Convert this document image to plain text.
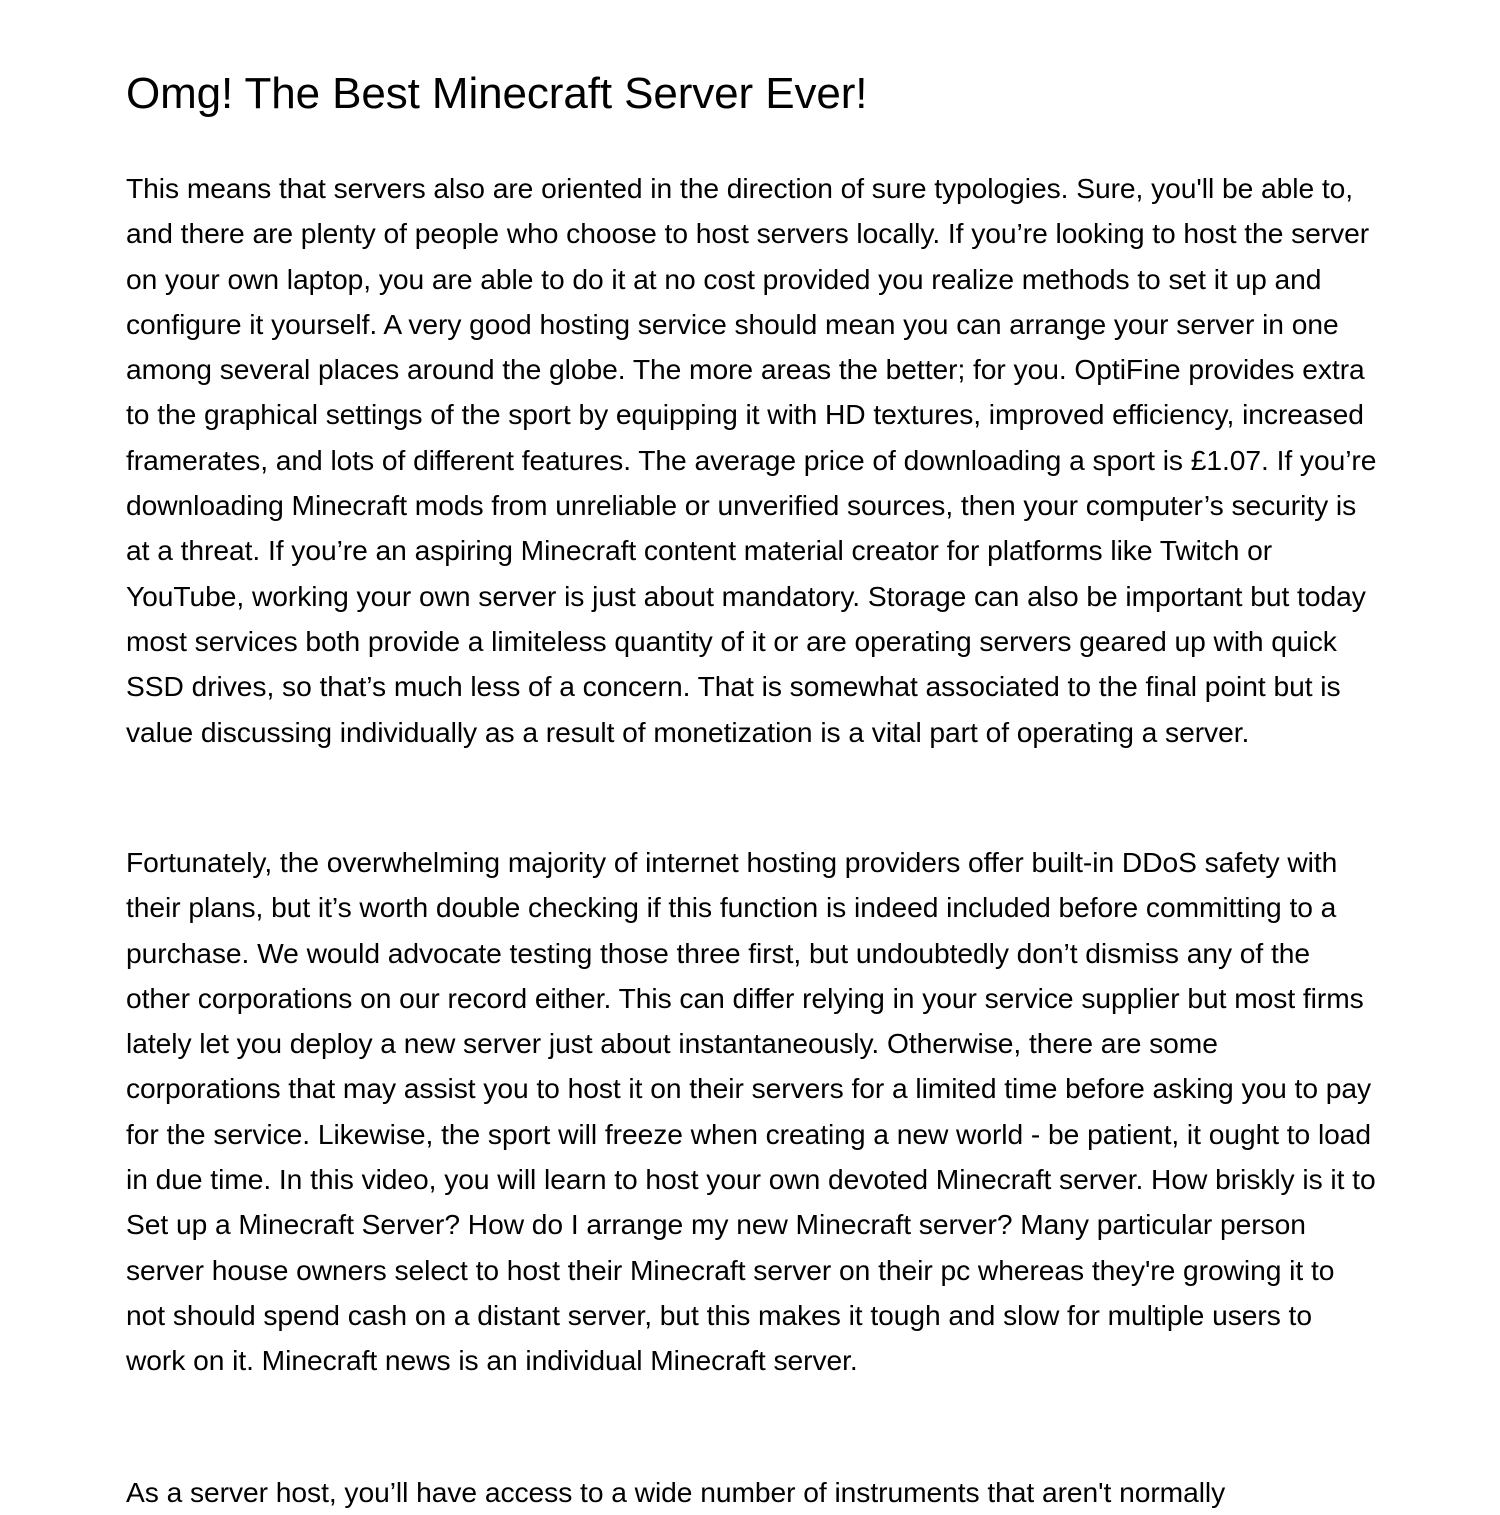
Omg! The Best Minecraft Server Ever!

This means that servers also are oriented in the direction of sure typologies. Sure, you'll be able to, and there are plenty of people who choose to host servers locally. If you’re looking to host the server on your own laptop, you are able to do it at no cost provided you realize methods to set it up and configure it yourself. A very good hosting service should mean you can arrange your server in one among several places around the globe. The more areas the better; for you. OptiFine provides extra to the graphical settings of the sport by equipping it with HD textures, improved efficiency, increased framerates, and lots of different features. The average price of downloading a sport is £1.07. If you’re downloading Minecraft mods from unreliable or unverified sources, then your computer’s security is at a threat. If you’re an aspiring Minecraft content material creator for platforms like Twitch or YouTube, working your own server is just about mandatory. Storage can also be important but today most services both provide a limiteless quantity of it or are operating servers geared up with quick SSD drives, so that’s much less of a concern. That is somewhat associated to the final point but is value discussing individually as a result of monetization is a vital part of operating a server.

Fortunately, the overwhelming majority of internet hosting providers offer built-in DDoS safety with their plans, but it’s worth double checking if this function is indeed included before committing to a purchase. We would advocate testing those three first, but undoubtedly don’t dismiss any of the other corporations on our record either. This can differ relying in your service supplier but most firms lately let you deploy a new server just about instantaneously. Otherwise, there are some corporations that may assist you to host it on their servers for a limited time before asking you to pay for the service. Likewise, the sport will freeze when creating a new world - be patient, it ought to load in due time. In this video, you will learn to host your own devoted Minecraft server. How briskly is it to Set up a Minecraft Server? How do I arrange my new Minecraft server? Many particular person server house owners select to host their Minecraft server on their pc whereas they're growing it to not should spend cash on a distant server, but this makes it tough and slow for multiple users to work on it. Minecraft news is an individual Minecraft server.

As a server host, you’ll have access to a wide number of instruments that aren't normally
